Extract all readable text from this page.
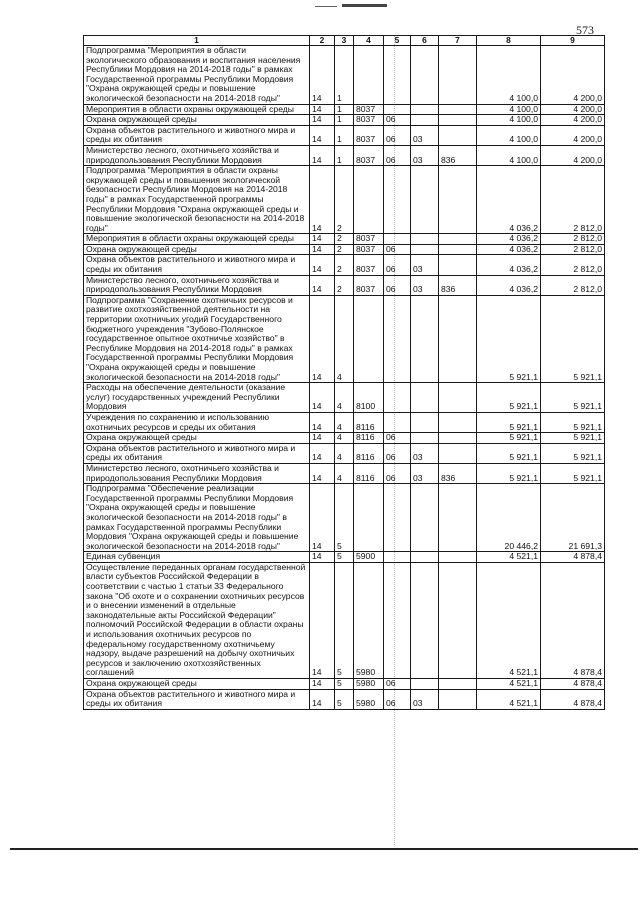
573
1	2	3	4	5	6	7	8	9
Подпрограмма "Мероприятия в области экологического образования и воспитания населения Республики Мордовия на 2014-2018 годы" в рамках Государственной программы Республики Мордовия "Охрана окружающей среды и повышение экологической безопасности на 2014-2018 годы"	14	1					4 100,0	4 200,0
Мероприятия в области охраны окружающей среды	14	1	8037				4 100,0	4 200,0
Охрана окружающей среды	14	1	8037	06			4 100,0	4 200,0
Охрана объектов растительного и животного мира и среды их обитания	14	1	8037	06	03		4 100,0	4 200,0
Министерство лесного, охотничьего хозяйства и природопользования Республики Мордовия	14	1	8037	06	03	836	4 100,0	4 200,0
Подпрограмма "Мероприятия в области охраны окружающей среды и повышения экологической безопасности Республики Мордовия на 2014-2018 годы" в рамках Государственной программы Республики Мордовия "Охрана окружающей среды и повышение экологической безопасности на 2014-2018 годы"	14	2					4 036,2	2 812,0
Мероприятия в области охраны окружающей среды	14	2	8037				4 036,2	2 812,0
Охрана окружающей среды	14	2	8037	06			4 036,2	2 812,0
Охрана объектов растительного и животного мира и среды их обитания	14	2	8037	06	03		4 036,2	2 812,0
Министерство лесного, охотничьего хозяйства и природопользования Республики Мордовия	14	2	8037	06	03	836	4 036,2	2 812,0
Подпрограмма "Сохранение охотничьих ресурсов и развитие охотхозяйственной деятельности на территории охотничьих угодий Государственного бюджетного учреждения "Зубово-Полянское государственное опытное охотничье хозяйство" в Республике Мордовия на 2014-2018 годы" в рамках Государственной программы Республики Мордовия "Охрана окружающей среды и повышение экологической безопасности на 2014-2018 годы"	14	4					5 921,1	5 921,1
Расходы на обеспечение деятельности (оказание услуг) государственных учреждений Республики Мордовия	14	4	8100				5 921,1	5 921,1
Учреждения по сохранению и использованию охотничьих ресурсов и среды их обитания	14	4	8116				5 921,1	5 921,1
Охрана окружающей среды	14	4	8116	06			5 921,1	5 921,1
Охрана объектов растительного и животного мира и среды их обитания	14	4	8116	06	03		5 921,1	5 921,1
Министерство лесного, охотничьего хозяйства и природопользования Республики Мордовия	14	4	8116	06	03	836	5 921,1	5 921,1
Подпрограмма "Обеспечение реализации Государственной программы Республики Мордовия "Охрана окружающей среды и повышение экологической безопасности на 2014-2018 годы" в рамках Государственной программы Республики Мордовия "Охрана окружающей среды и повышение экологической безопасности на 2014-2018 годы"	14	5					20 446,2	21 691,3
Единая субвенция	14	5	5900				4 521,1	4 878,4
Осуществление переданных органам государственной власти субъектов Российской Федерации в соответствии с частью 1 статьи 33 Федерального закона "Об охоте и о сохранении охотничьих ресурсов и о внесении изменений в отдельные законодательные акты Российской Федерации" полномочий Российской Федерации в области охраны и использования охотничьих ресурсов по федеральному государственному охотничьему надзору, выдаче разрешений на добычу охотничьих ресурсов и заключению охотхозяйственных соглашений	14	5	5980				4 521,1	4 878,4
Охрана окружающей среды	14	5	5980	06			4 521,1	4 878,4
Охрана объектов растительного и животного мира и среды их обитания	14	5	5980	06	03		4 521,1	4 878,4
